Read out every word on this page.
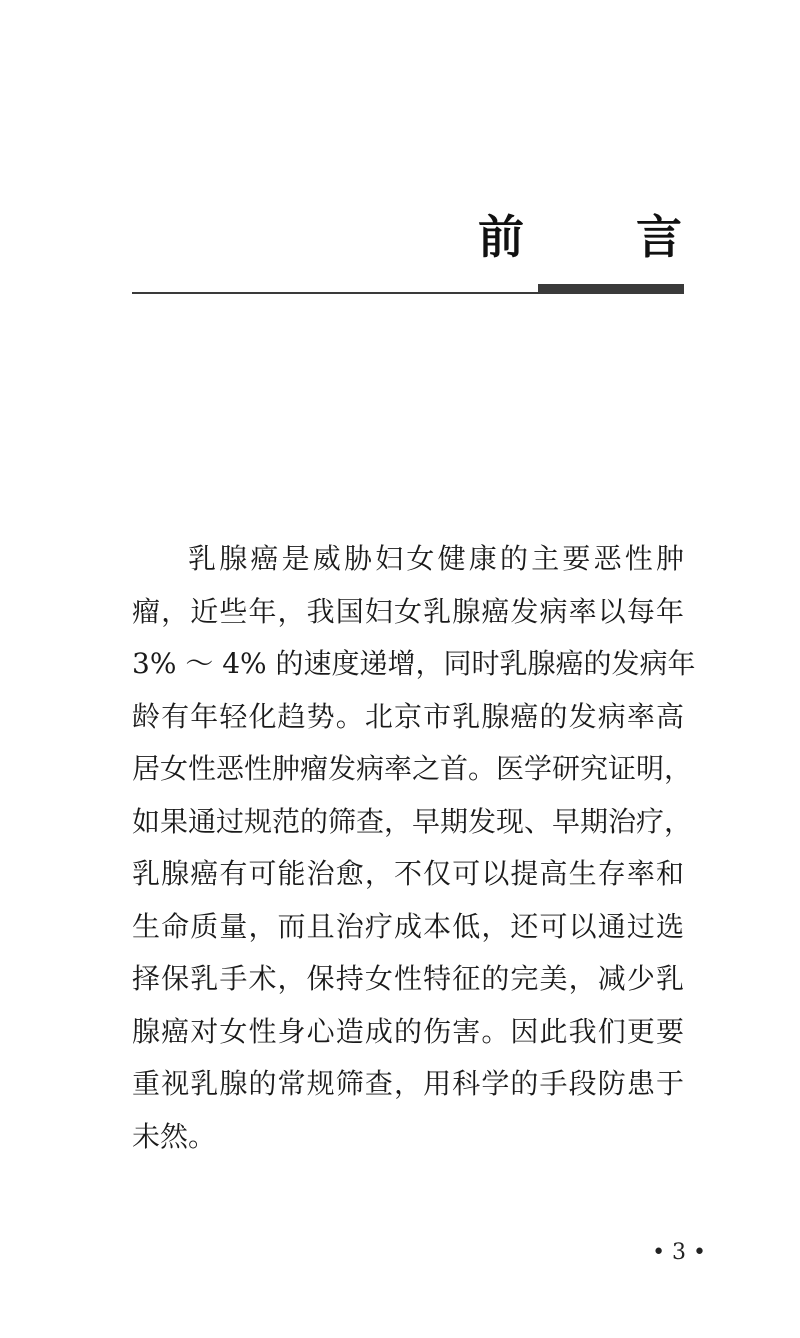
前 言
乳腺癌是威胁妇女健康的主要恶性肿
瘤，近些年，我国妇女乳腺癌发病率以每年
3% ～ 4% 的速度递增，同时乳腺癌的发病年
龄有年轻化趋势。北京市乳腺癌的发病率高
居女性恶性肿瘤发病率之首。医学研究证明，
如果通过规范的筛查，早期发现、早期治疗，
乳腺癌有可能治愈，不仅可以提高生存率和
生命质量，而且治疗成本低，还可以通过选
择保乳手术，保持女性特征的完美，减少乳
腺癌对女性身心造成的伤害。因此我们更要
重视乳腺的常规筛查，用科学的手段防患于
未然。
• 3 •
